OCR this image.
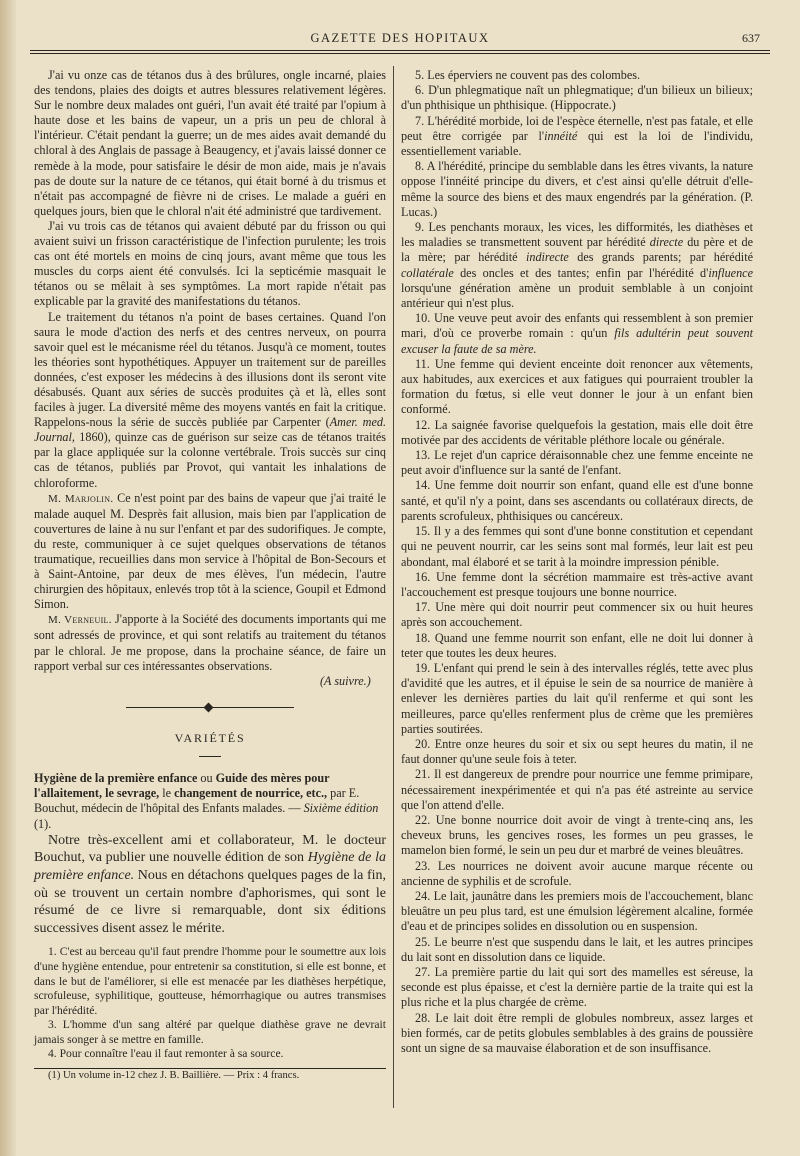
GAZETTE DES HOPITAUX	637

J'ai vu onze cas de tétanos dus à des brûlures, ongle incarné, plaies des tendons, plaies des doigts et autres blessures relativement légères. Sur le nombre deux malades ont guéri, l'un avait été traité par l'opium à haute dose et les bains de vapeur, un a pris un peu de chloral à l'intérieur. C'était pendant la guerre; un de mes aides avait demandé du chloral à des Anglais de passage à Beaugency, et j'avais laissé donner ce remède à la mode, pour satisfaire le désir de mon aide, mais je n'avais pas de doute sur la nature de ce tétanos, qui était borné à du trismus et n'était pas accompagné de fièvre ni de crises. Le malade a guéri en quelques jours, bien que le chloral n'ait été administré que tardivement.

J'ai vu trois cas de tétanos qui avaient débuté par du frisson ou qui avaient suivi un frisson caractéristique de l'infection purulente; les trois cas ont été mortels en moins de cinq jours, avant même que tous les muscles du corps aient été convulsés. Ici la septicémie masquait le tétanos ou se mêlait à ses symptômes. La mort rapide n'était pas explicable par la gravité des manifestations du tétanos.

Le traitement du tétanos n'a point de bases certaines. Quand l'on saura le mode d'action des nerfs et des centres nerveux, on pourra savoir quel est le mécanisme réel du tétanos. Jusqu'à ce moment, toutes les théories sont hypothétiques. Appuyer un traitement sur de pareilles données, c'est exposer les médecins à des illusions dont ils seront vite désabusés. Quant aux séries de succès produites çà et là, elles sont faciles à juger. La diversité même des moyens vantés en fait la critique. Rappelons-nous la série de succès publiée par Carpenter (Amer. med. Journal, 1860), quinze cas de guérison sur seize cas de tétanos traités par la glace appliquée sur la colonne vertébrale. Trois succès sur cinq cas de tétanos, publiés par Provot, qui vantait les inhalations de chloroforme.

M. Marjolin. Ce n'est point par des bains de vapeur que j'ai traité le malade auquel M. Desprès fait allusion, mais bien par l'application de couvertures de laine à nu sur l'enfant et par des sudorifiques. Je compte, du reste, communiquer à ce sujet quelques observations de tétanos traumatique, recueillies dans mon service à l'hôpital de Bon-Secours et à Saint-Antoine, par deux de mes élèves, l'un médecin, l'autre chirurgien des hôpitaux, enlevés trop tôt à la science, Goupil et Edmond Simon.

M. Verneuil. J'apporte à la Société des documents importants qui me sont adressés de province, et qui sont relatifs au traitement du tétanos par le chloral. Je me propose, dans la prochaine séance, de faire un rapport verbal sur ces intéressantes observations.

(A suivre.)

VARIÉTÉS

Hygiène de la première enfance ou Guide des mères pour l'allaitement, le sevrage, le changement de nourrice, etc., par E. Bouchut, médecin de l'hôpital des Enfants malades. — Sixième édition (1).

Notre très-excellent ami et collaborateur, M. le docteur Bouchut, va publier une nouvelle édition de son Hygiène de la première enfance. Nous en détachons quelques pages de la fin, où se trouvent un certain nombre d'aphorismes, qui sont le résumé de ce livre si remarquable, dont six éditions successives disent assez le mérite.

1. C'est au berceau qu'il faut prendre l'homme pour le soumettre aux lois d'une hygiène entendue, pour entretenir sa constitution, si elle est bonne, et dans le but de l'améliorer, si elle est menacée par les diathèses herpétique, scrofuleuse, syphilitique, goutteuse, hémorrhagique ou autres transmises par l'hérédité.

3. L'homme d'un sang altéré par quelque diathèse grave ne devrait jamais songer à se mettre en famille.

4. Pour connaître l'eau il faut remonter à sa source.

(1) Un volume in-12 chez J. B. Baillière. — Prix : 4 francs.

5. Les éperviers ne couvent pas des colombes.

6. D'un phlegmatique naît un phlegmatique; d'un bilieux un bilieux; d'un phthisique un phthisique. (Hippocrate.)

7. L'hérédité morbide, loi de l'espèce éternelle, n'est pas fatale, et elle peut être corrigée par l'innéité qui est la loi de l'individu, essentiellement variable.

8. A l'hérédité, principe du semblable dans les êtres vivants, la nature oppose l'innéité principe du divers, et c'est ainsi qu'elle détruit d'elle-même la source des biens et des maux engendrés par la génération. (P. Lucas.)

9. Les penchants moraux, les vices, les difformités, les diathèses et les maladies se transmettent souvent par hérédité directe du père et de la mère; par hérédité indirecte des grands parents; par hérédité collatérale des oncles et des tantes; enfin par l'hérédité d'influence lorsqu'une génération amène un produit semblable à un conjoint antérieur qui n'est plus.

10. Une veuve peut avoir des enfants qui ressemblent à son premier mari, d'où ce proverbe romain : qu'un fils adultérin peut souvent excuser la faute de sa mère.

11. Une femme qui devient enceinte doit renoncer aux vêtements, aux habitudes, aux exercices et aux fatigues qui pourraient troubler la formation du fœtus, si elle veut donner le jour à un enfant bien conformé.

12. La saignée favorise quelquefois la gestation, mais elle doit être motivée par des accidents de véritable pléthore locale ou générale.

13. Le rejet d'un caprice déraisonnable chez une femme enceinte ne peut avoir d'influence sur la santé de l'enfant.

14. Une femme doit nourrir son enfant, quand elle est d'une bonne santé, et qu'il n'y a point, dans ses ascendants ou collatéraux directs, de parents scrofuleux, phthisiques ou cancéreux.

15. Il y a des femmes qui sont d'une bonne constitution et cependant qui ne peuvent nourrir, car les seins sont mal formés, leur lait est peu abondant, mal élaboré et se tarit à la moindre impression pénible.

16. Une femme dont la sécrétion mammaire est très-active avant l'accouchement est presque toujours une bonne nourrice.

17. Une mère qui doit nourrir peut commencer six ou huit heures après son accouchement.

18. Quand une femme nourrit son enfant, elle ne doit lui donner à teter que toutes les deux heures.

19. L'enfant qui prend le sein à des intervalles réglés, tette avec plus d'avidité que les autres, et il épuise le sein de sa nourrice de manière à enlever les dernières parties du lait qu'il renferme et qui sont les meilleures, parce qu'elles renferment plus de crème que les premières parties soutirées.

20. Entre onze heures du soir et six ou sept heures du matin, il ne faut donner qu'une seule fois à teter.

21. Il est dangereux de prendre pour nourrice une femme primipare, nécessairement inexpérimentée et qui n'a pas été astreinte au service que l'on attend d'elle.

22. Une bonne nourrice doit avoir de vingt à trente-cinq ans, les cheveux bruns, les gencives roses, les formes un peu grasses, le mamelon bien formé, le sein un peu dur et marbré de veines bleuâtres.

23. Les nourrices ne doivent avoir aucune marque récente ou ancienne de syphilis et de scrofule.

24. Le lait, jaunâtre dans les premiers mois de l'accouchement, blanc bleuâtre un peu plus tard, est une émulsion légèrement alcaline, formée d'eau et de principes solides en dissolution ou en suspension.

25. Le beurre n'est que suspendu dans le lait, et les autres principes du lait sont en dissolution dans ce liquide.

27. La première partie du lait qui sort des mamelles est séreuse, la seconde est plus épaisse, et c'est la dernière partie de la traite qui est la plus riche et la plus chargée de crème.

28. Le lait doit être rempli de globules nombreux, assez larges et bien formés, car de petits globules semblables à des grains de poussière sont un signe de sa mauvaise élaboration et de son insuffisance.
